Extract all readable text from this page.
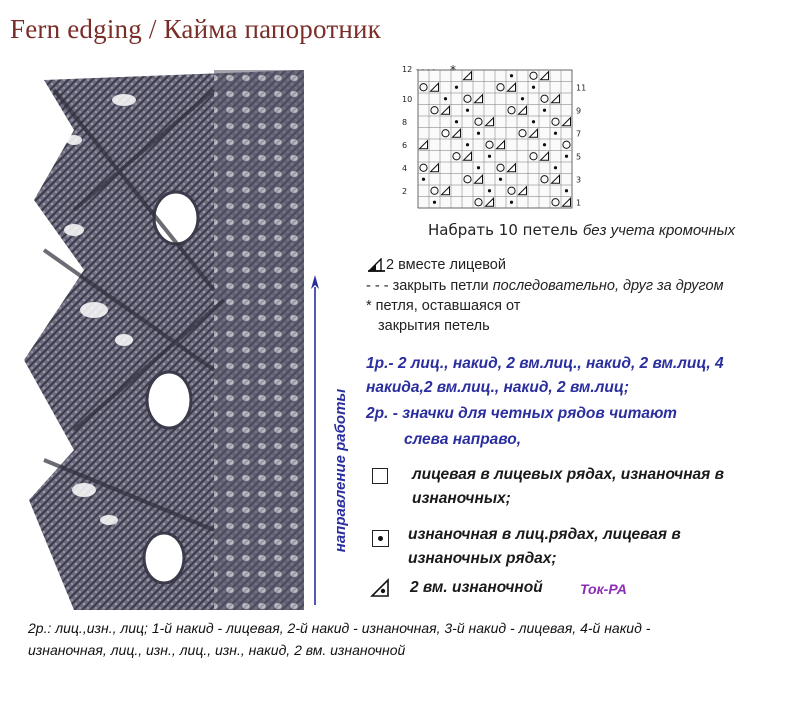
Fern edging / Кайма папоротник
12 - - - - *
10
8
6
4
2
11
9
7
5
3
1
Набрать 10 петель без учета кромочных
2 вместе лицевой
- - - закрыть петли последовательно, друг за другом
* петля, оставшаяся от
закрытия петель
1р.- 2 лиц., накид, 2 вм.лиц., накид, 2 вм.лиц, 4
накида,2 вм.лиц., накид, 2 вм.лиц;
2р. - значки для четных рядов читают
слева направо,
лицевая в лицевых рядах, изнаночная в
изнаночных;
изнаночная в лиц.рядах, лицевая в
изнаночных рядах;
2 вм. изнаночной	Ток-РА
направление работы
2р.: лиц.,изн., лиц; 1-й накид - лицевая, 2-й накид - изнаночная, 3-й накид - лицевая, 4-й накид -
изнаночная, лиц., изн., лиц., изн., накид, 2 вм. изнаночной
